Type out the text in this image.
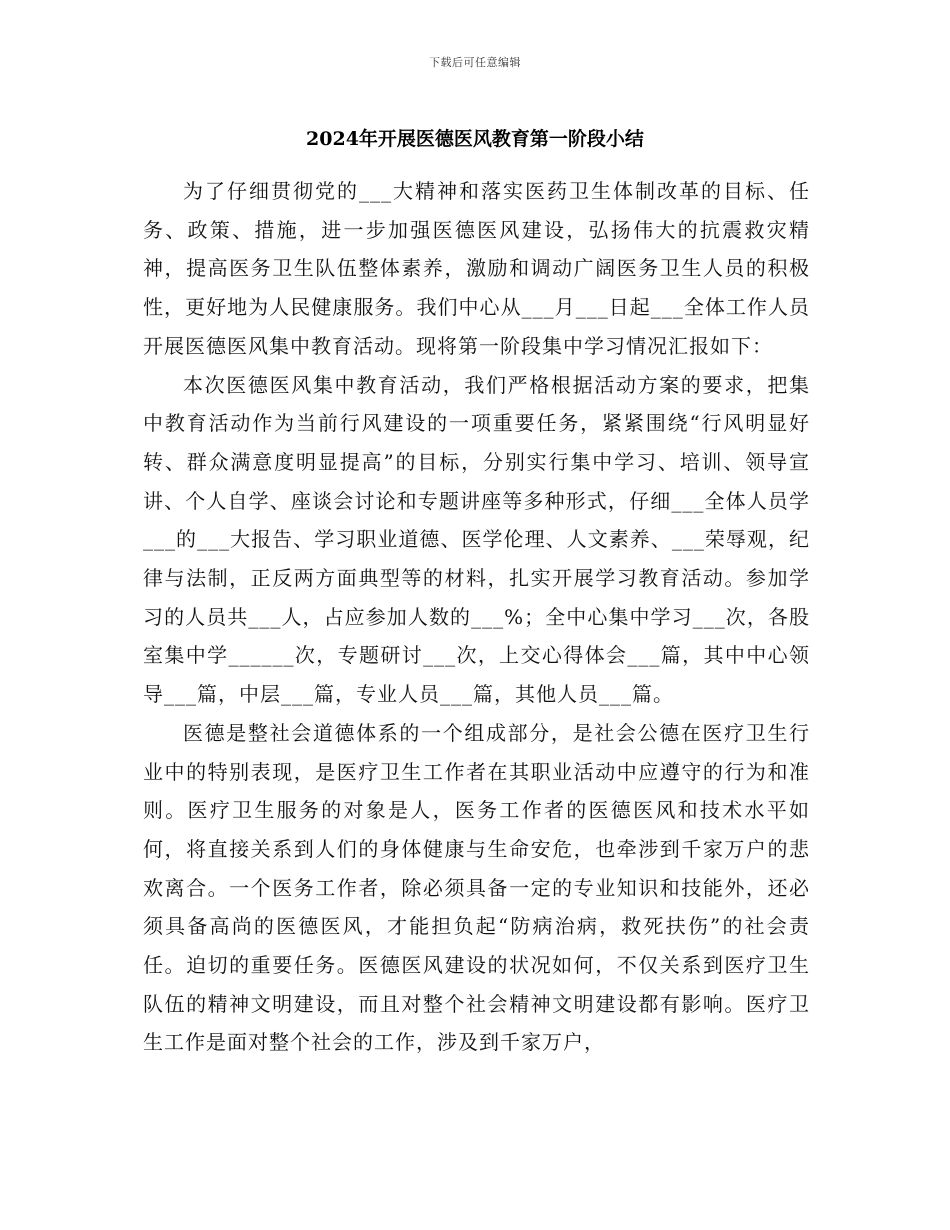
下载后可任意编辑
2024年开展医德医风教育第一阶段小结

为了仔细贯彻党的___大精神和落实医药卫生体制改革的目标、任务、政策、措施，进一步加强医德医风建设，弘扬伟大的抗震救灾精神，提高医务卫生队伍整体素养，激励和调动广阔医务卫生人员的积极性，更好地为人民健康服务。我们中心从___月___日起___全体工作人员开展医德医风集中教育活动。现将第一阶段集中学习情况汇报如下：

本次医德医风集中教育活动，我们严格根据活动方案的要求，把集中教育活动作为当前行风建设的一项重要任务，紧紧围绕“行风明显好转、群众满意度明显提高”的目标，分别实行集中学习、培训、领导宣讲、个人自学、座谈会讨论和专题讲座等多种形式，仔细___全体人员学___的___大报告、学习职业道德、医学伦理、人文素养、___荣辱观，纪律与法制，正反两方面典型等的材料，扎实开展学习教育活动。参加学习的人员共___人，占应参加人数的___%；全中心集中学习___次，各股室集中学______次，专题研讨___次，上交心得体会___篇，其中中心领导___篇，中层___篇，专业人员___篇，其他人员___篇。

医德是整社会道德体系的一个组成部分，是社会公德在医疗卫生行业中的特别表现，是医疗卫生工作者在其职业活动中应遵守的行为和准则。医疗卫生服务的对象是人，医务工作者的医德医风和技术水平如何，将直接关系到人们的身体健康与生命安危，也牵涉到千家万户的悲欢离合。一个医务工作者，除必须具备一定的专业知识和技能外，还必须具备高尚的医德医风，才能担负起“防病治病，救死扶伤”的社会责任。迫切的重要任务。医德医风建设的状况如何，不仅关系到医疗卫生队伍的精神文明建设，而且对整个社会精神文明建设都有影响。医疗卫生工作是面对整个社会的工作，涉及到千家万户，
